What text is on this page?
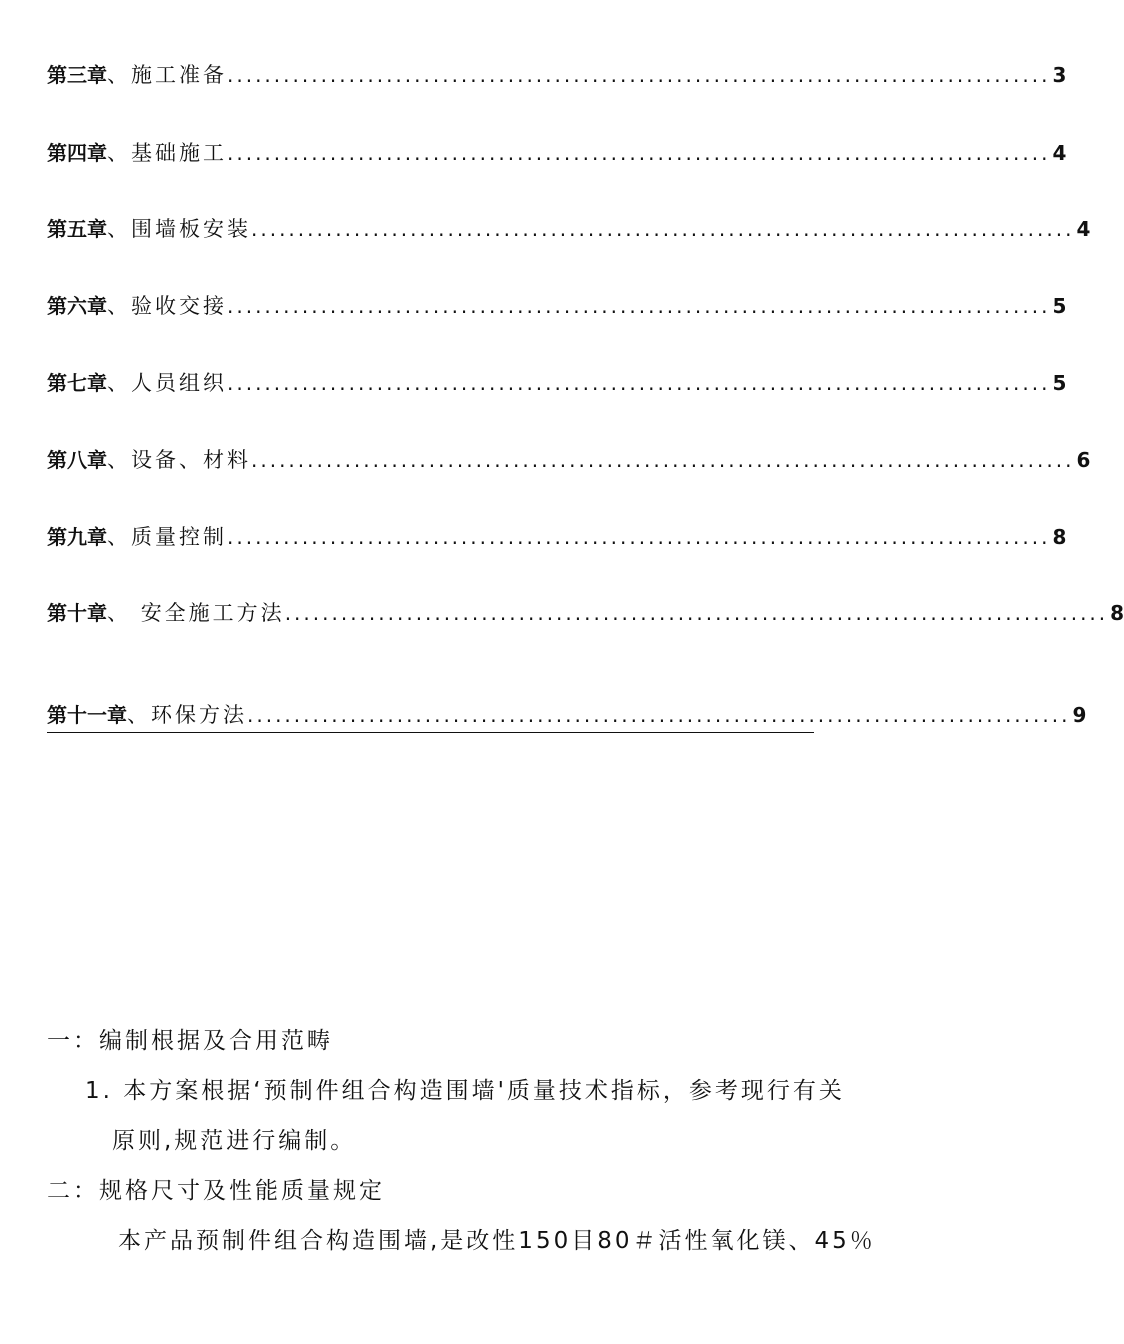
第三章 、 施工准备 ........................................................................................ 3
第四章 、 基础施工 ........................................................................................ 4
第五章 、 围墙板安装 ........................................................................................ 4
第六章 、 验收交接 ........................................................................................ 5
第七章 、 人员组织 ........................................................................................ 5
第八章 、 设备、材料 ........................................................................................ 6
第九章 、 质量控制 ........................................................................................ 8
第十章 、 安全施工方法 ........................................................................................ 8
第十一章 、 环保方法 ........................................................................................ 9
一：编制根据及合用范畴
1. 本方案根据‘预制件组合构造围墙'质量技术指标，参考现行有关
原则,规范进行编制。
二：规格尺寸及性能质量规定
本产品预制件组合构造围墙,是改性150目80＃活性氧化镁、45％
